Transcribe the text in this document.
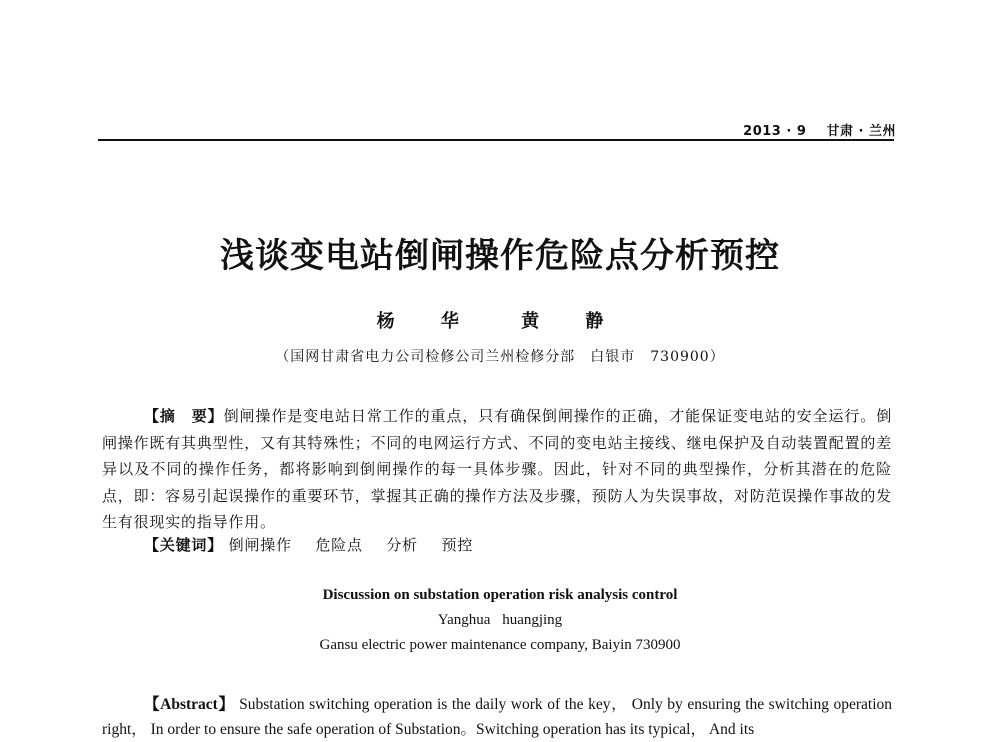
2013 · 9 甘肃 · 兰州
浅谈变电站倒闸操作危险点分析预控
杨 华 黄 静
（国网甘肃省电力公司检修公司兰州检修分部　白银市　730900）

【摘　要】倒闸操作是变电站日常工作的重点，只有确保倒闸操作的正确，才能保证变电站的安全运行。倒闸操作既有其典型性，又有其特殊性；不同的电网运行方式、不同的变电站主接线、继电保护及自动装置配置的差异以及不同的操作任务，都将影响到倒闸操作的每一具体步骤。因此，针对不同的典型操作，分析其潜在的危险点，即：容易引起误操作的重要环节，掌握其正确的操作方法及步骤，预防人为失误事故，对防范误操作事故的发生有很现实的指导作用。

【关键词】 倒闸操作 危险点 分析 预控
Discussion on substation operation risk analysis control
Yanghua huangjing
Gansu electric power maintenance company, Baiyin 730900

【Abstract】 Substation switching operation is the daily work of the key， Only by ensuring the switching operation right， In order to ensure the safe operation of Substation。Switching operation has its typical， And its
